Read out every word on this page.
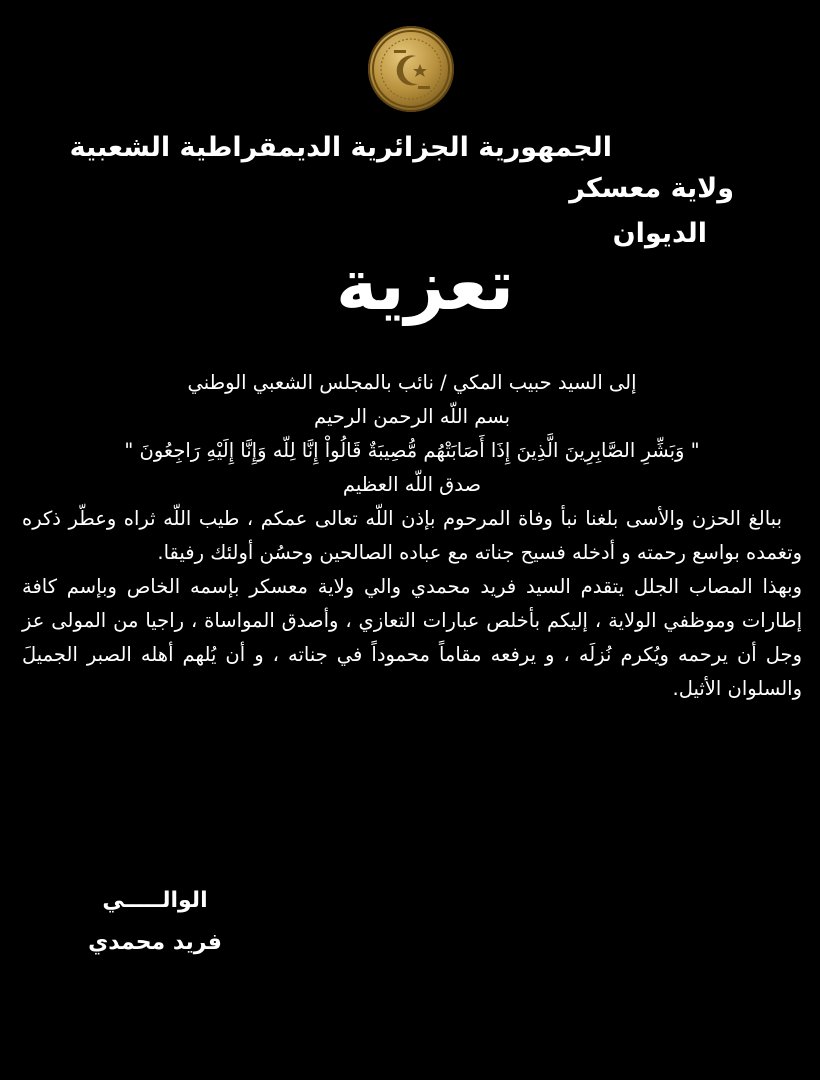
الجمهورية الجزائرية الديمقراطية الشعبية
ولاية معسكر
الديوان
تعزية

إلى السيد حبيب المكي / نائب بالمجلس الشعبي الوطني

بسم اللّه الرحمن الرحيم

" وَبَشِّرِ الصَّابِرِينَ الَّذِينَ إِذَا أَصَابَتْهُم مُّصِيبَةٌ قَالُواْ إِنَّا لِلّه وَإِنَّا إِلَيْهِ رَاجِعُونَ "

صدق اللّه العظيم

ببالغ الحزن والأسى بلغنا نبأ وفاة المرحوم بإذن اللّه تعالى عمكم ، طيب اللّه ثراه وعطّر ذكره وتغمده بواسع رحمته و أدخله فسيح جناته مع عباده الصالحين وحسُن أولئك رفيقا.

وبهذا المصاب الجلل يتقدم السيد فريد محمدي والي ولاية معسكر بإسمه الخاص وبإسم كافة إطارات وموظفي الولاية ، إليكم بأخلص عبارات التعازي ، وأصدق المواساة ، راجيا من المولى عز وجل أن يرحمه ويُكرم نُزلَه ، و يرفعه مقاماً محموداً في جناته ، و أن يُلهم أهله الصبر الجميلَ والسلوان الأثيل.

الوالـــــي
فريد محمدي
